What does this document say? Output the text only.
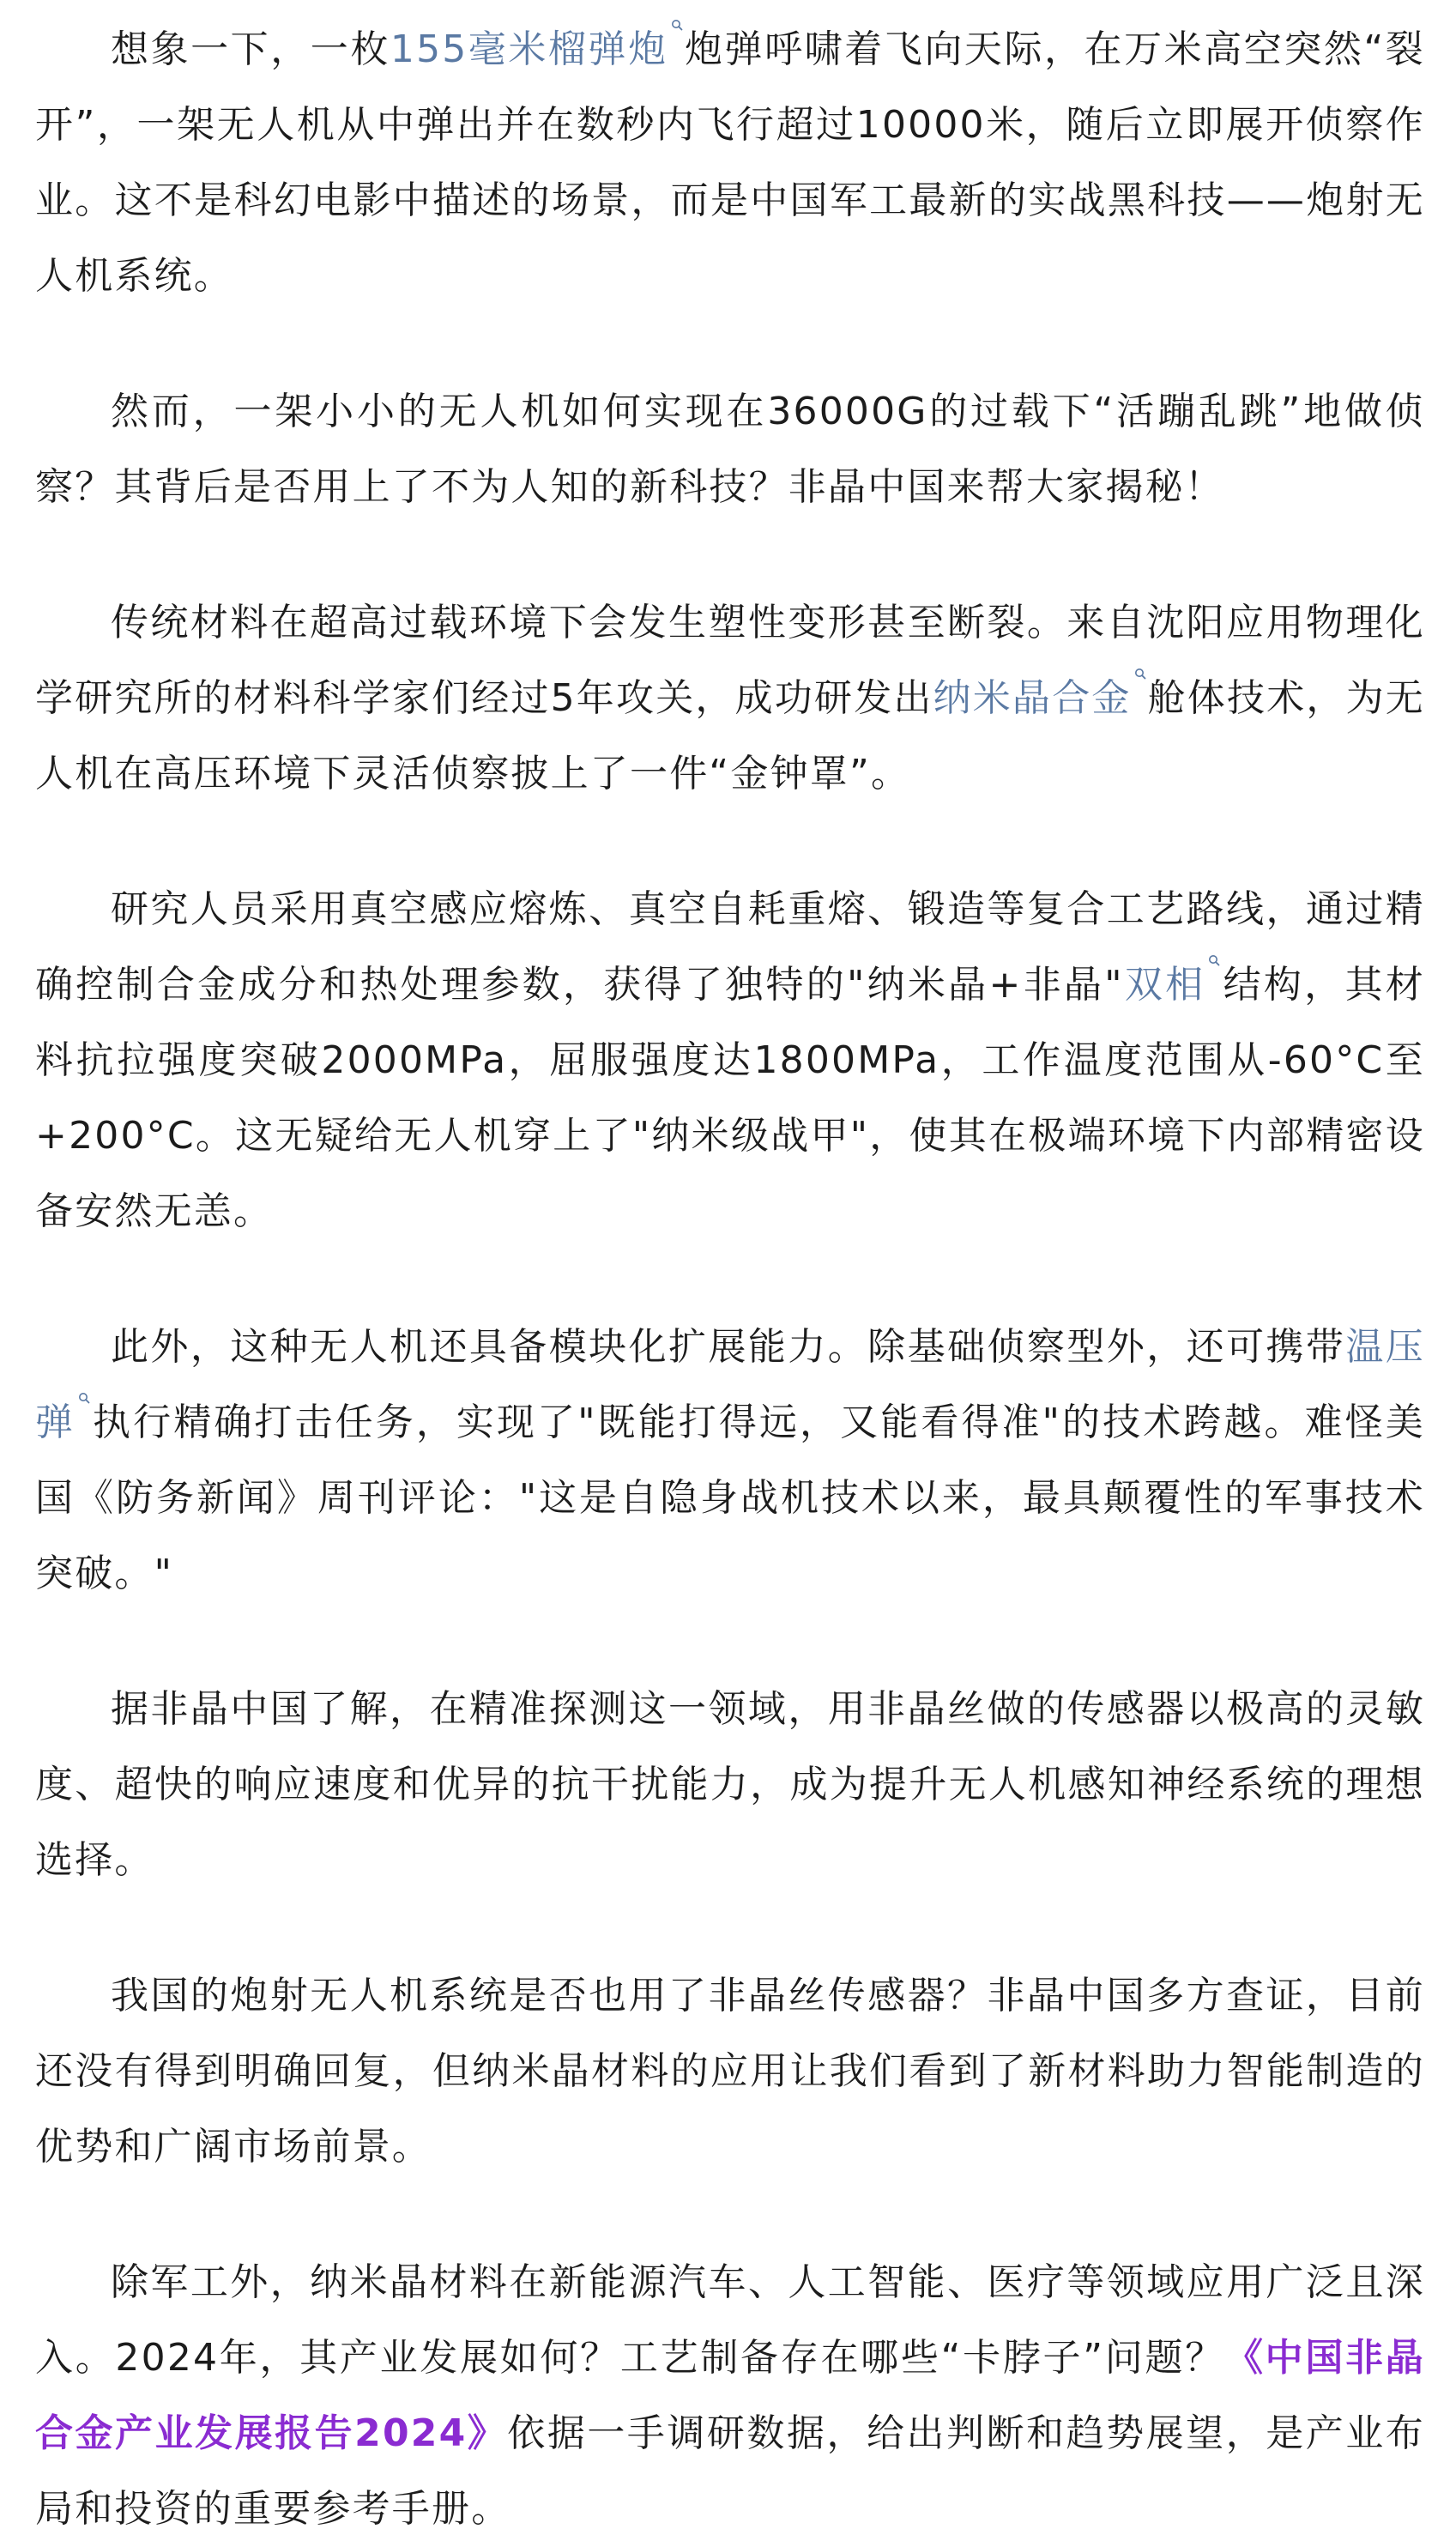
想象一下，一枚155毫米榴弹炮 炮弹呼啸着飞向天际，在万米高空突然“裂开”，一架无人机从中弹出并在数秒内飞行超过10000米，随后立即展开侦察作业。这不是科幻电影中描述的场景，而是中国军工最新的实战黑科技——炮射无人机系统。

然而，一架小小的无人机如何实现在36000G的过载下“活蹦乱跳”地做侦察？其背后是否用上了不为人知的新科技？非晶中国来帮大家揭秘！

传统材料在超高过载环境下会发生塑性变形甚至断裂。来自沈阳应用物理化学研究所的材料科学家们经过5年攻关，成功研发出纳米晶合金 舱体技术，为无人机在高压环境下灵活侦察披上了一件“金钟罩”。

研究人员采用真空感应熔炼、真空自耗重熔、锻造等复合工艺路线，通过精确控制合金成分和热处理参数，获得了独特的"纳米晶+非晶"双相 结构，其材料抗拉强度突破2000MPa，屈服强度达1800MPa，工作温度范围从-60°C至+200°C。这无疑给无人机穿上了"纳米级战甲"，使其在极端环境下内部精密设备安然无恙。

此外，这种无人机还具备模块化扩展能力。除基础侦察型外，还可携带温压弹 执行精确打击任务，实现了"既能打得远，又能看得准"的技术跨越。难怪美国《防务新闻》周刊评论："这是自隐身战机技术以来，最具颠覆性的军事技术突破。"

据非晶中国了解，在精准探测这一领域，用非晶丝做的传感器以极高的灵敏度、超快的响应速度和优异的抗干扰能力，成为提升无人机感知神经系统的理想选择。

我国的炮射无人机系统是否也用了非晶丝传感器？非晶中国多方查证，目前还没有得到明确回复，但纳米晶材料的应用让我们看到了新材料助力智能制造的优势和广阔市场前景。

除军工外，纳米晶材料在新能源汽车、人工智能、医疗等领域应用广泛且深入。2024年，其产业发展如何？工艺制备存在哪些“卡脖子”问题？《中国非晶合金产业发展报告2024》依据一手调研数据，给出判断和趋势展望，是产业布局和投资的重要参考手册。
